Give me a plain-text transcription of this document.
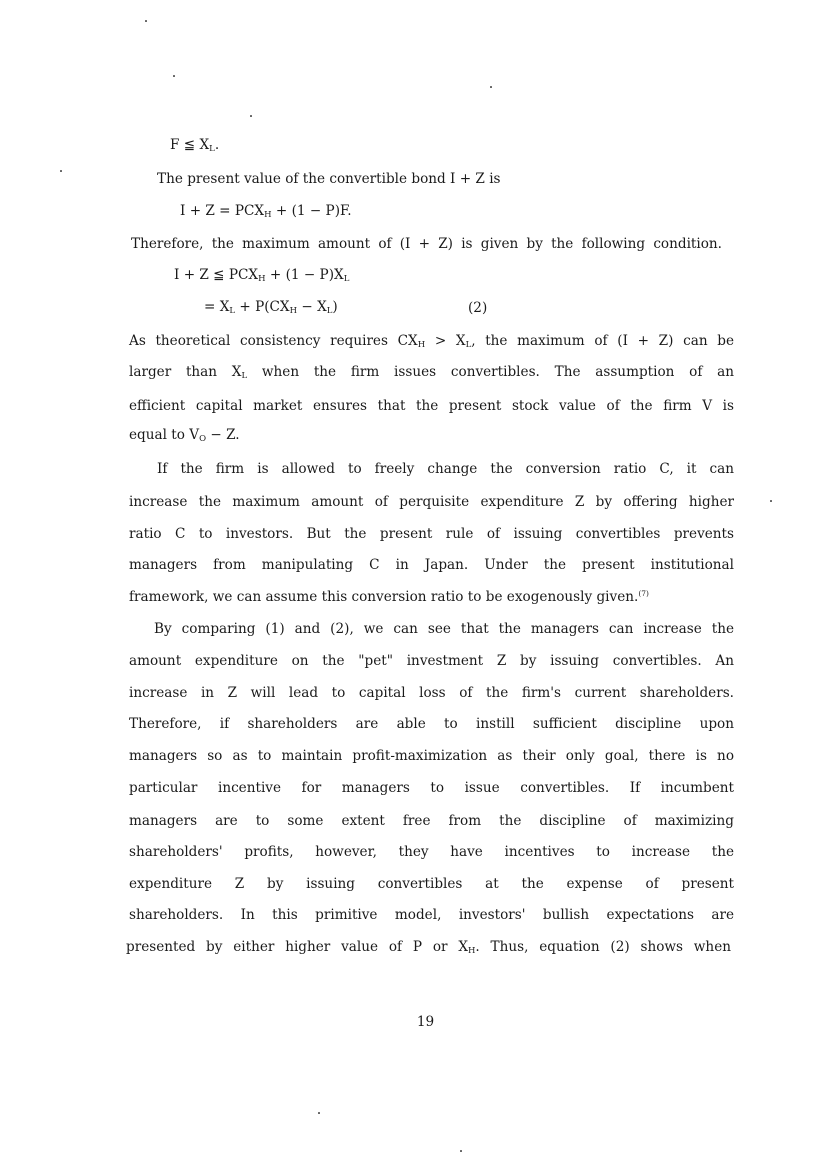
F ≦ $X_L$.
The present value of the convertible bond I + Z is
$I + Z = PCX_H + (1 - P)F$.
Therefore, the maximum amount of (I + Z) is given by the following condition.
I + Z ≦ $PCX_H + (1 - P)X_L$
= $X_L + P(CX_H - X_L)$	(2)
As theoretical consistency requires $CX_H > X_L$, the maximum of (I + Z) can be
larger than $X_L$ when the firm issues convertibles. The assumption of an
efficient capital market ensures that the present stock value of the firm V is
equal to $V_O - Z$.
If the firm is allowed to freely change the conversion ratio C, it can
increase the maximum amount of perquisite expenditure Z by offering higher
ratio C to investors. But the present rule of issuing convertibles prevents
managers from manipulating C in Japan. Under the present institutional
framework, we can assume this conversion ratio to be exogenously given.$^{(7)}$
By comparing (1) and (2), we can see that the managers can increase the
amount expenditure on the "pet" investment Z by issuing convertibles. An
increase in Z will lead to capital loss of the firm's current shareholders.
Therefore, if shareholders are able to instill sufficient discipline upon
managers so as to maintain profit-maximization as their only goal, there is no
particular incentive for managers to issue convertibles. If incumbent
managers are to some extent free from the discipline of maximizing
shareholders' profits, however, they have incentives to increase the
expenditure Z by issuing convertibles at the expense of present
shareholders. In this primitive model, investors' bullish expectations are
presented by either higher value of P or $X_H$. Thus, equation (2) shows when
19
